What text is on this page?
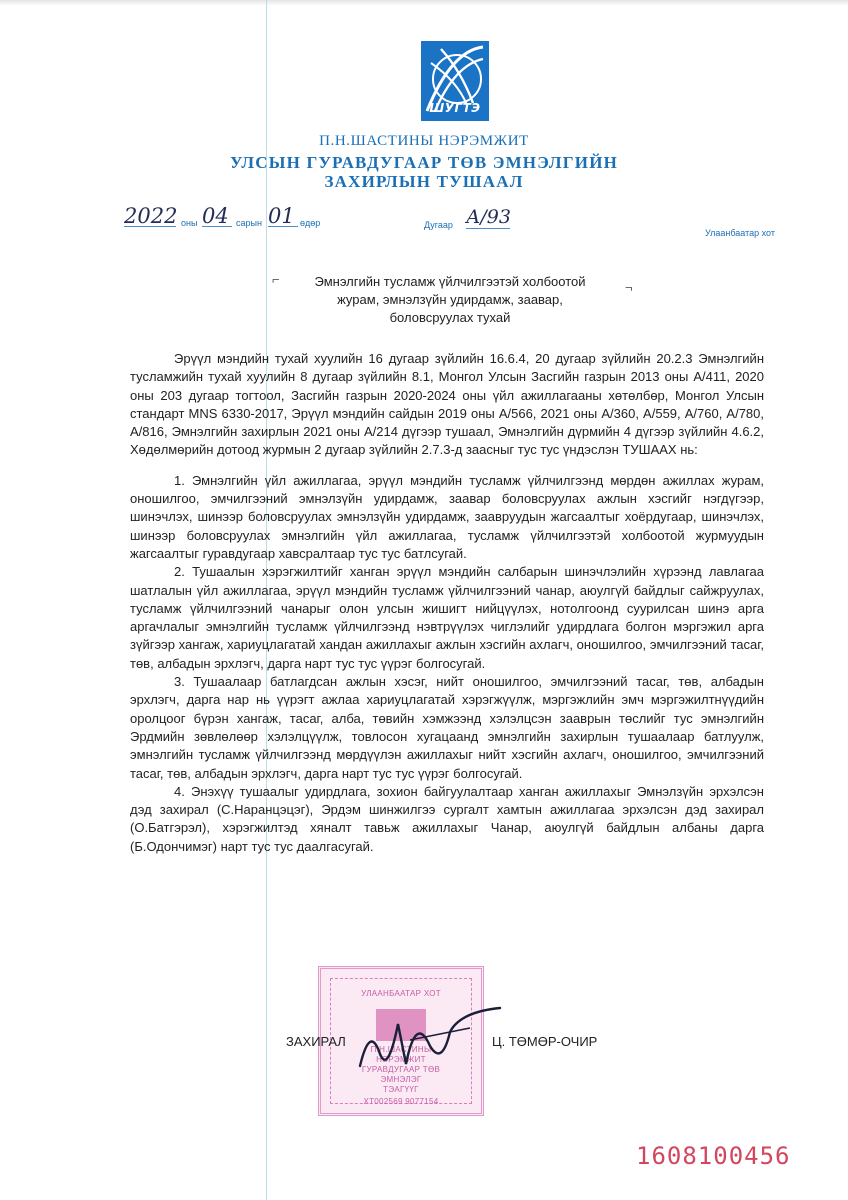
ШУГТЭ
П.Н.ШАСТИНЫ НЭРЭМЖИТ
УЛСЫН ГУРАВДУГААР ТӨВ ЭМНЭЛГИЙН
ЗАХИРЛЫН ТУШААЛ
2022 оны 04 сарын 01 өдөр	Дугаар А/93
Улаанбаатар хот
⌐
¬
Эмнэлгийн тусламж үйлчилгээтэй холбоотой
журам, эмнэлзүйн удирдамж, заавар,
боловсруулах тухай

Эрүүл мэндийн тухай хуулийн 16 дугаар зүйлийн 16.6.4, 20 дугаар зүйлийн 20.2.3 Эмнэлгийн тусламжийн тухай хуулийн 8 дугаар зүйлийн 8.1, Монгол Улсын Засгийн газрын 2013 оны А/411, 2020 оны 203 дугаар тогтоол, Засгийн газрын 2020-2024 оны үйл ажиллагааны хөтөлбөр, Монгол Улсын стандарт MNS 6330-2017, Эрүүл мэндийн сайдын 2019 оны А/566, 2021 оны А/360, А/559, А/760, А/780, А/816, Эмнэлгийн захирлын 2021 оны А/214 дүгээр тушаал, Эмнэлгийн дүрмийн 4 дүгээр зүйлийн 4.6.2, Хөдөлмөрийн дотоод журмын 2 дугаар зүйлийн 2.7.3-д заасныг тус тус үндэслэн ТУШААХ нь:

1. Эмнэлгийн үйл ажиллагаа, эрүүл мэндийн тусламж үйлчилгээнд мөрдөн ажиллах журам, оношилгоо, эмчилгээний эмнэлзүйн удирдамж, заавар боловсруулах ажлын хэсгийг нэгдүгээр, шинэчлэх, шинээр боловсруулах эмнэлзүйн удирдамж, заавруудын жагсаалтыг хоёрдугаар, шинэчлэх, шинээр боловсруулах эмнэлгийн үйл ажиллагаа, тусламж үйлчилгээтэй холбоотой журмуудын жагсаалтыг гуравдугаар хавсралтаар тус тус батлсугай.

2. Тушаалын хэрэгжилтийг ханган эрүүл мэндийн салбарын шинэчлэлийн хүрээнд лавлагаа шатлалын үйл ажиллагаа, эрүүл мэндийн тусламж үйлчилгээний чанар, аюулгүй байдлыг сайжруулах, тусламж үйлчилгээний чанарыг олон улсын жишигт нийцүүлэх, нотолгоонд суурилсан шинэ арга аргачлалыг эмнэлгийн тусламж үйлчилгээнд нэвтрүүлэх чиглэлийг удирдлага болгон мэргэжил арга зүйгээр хангаж, хариуцлагатай хандан ажиллахыг ажлын хэсгийн ахлагч, оношилгоо, эмчилгээний тасаг, төв, албадын эрхлэгч, дарга нарт тус тус үүрэг болгосугай.

3. Тушаалаар батлагдсан ажлын хэсэг, нийт оношилгоо, эмчилгээний тасаг, төв, албадын эрхлэгч, дарга нар нь үүрэгт ажлаа хариуцлагатай хэрэгжүүлж, мэргэжлийн эмч мэргэжилтнүүдийн оролцоог бүрэн хангаж, тасаг, алба, төвийн хэмжээнд хэлэлцсэн зааврын төслийг тус эмнэлгийн Эрдмийн зөвлөлөөр хэлэлцүүлж, товлосон хугацаанд эмнэлгийн захирлын тушаалаар батлуулж, эмнэлгийн тусламж үйлчилгээнд мөрдүүлэн ажиллахыг нийт хэсгийн ахлагч, оношилгоо, эмчилгээний тасаг, төв, албадын эрхлэгч, дарга нарт тус тус үүрэг болгосугай.

4. Энэхүү тушаалыг удирдлага, зохион байгуулалтаар ханган ажиллахыг Эмнэлзүйн эрхэлсэн дэд захирал (С.Наранцэцэг), Эрдэм шинжилгээ сургалт хамтын ажиллагаа эрхэлсэн дэд захирал (О.Батгэрэл), хэрэгжилтэд хяналт тавьж ажиллахыг Чанар, аюулгүй байдлын албаны дарга (Б.Одончимэг) нарт тус тус даалгасугай.

УЛААНБААТАР ХОТ
П.Н.ШАСТИНЫ
НЭРЭМЖИТ
ГУРАВДУГААР ТӨВ
ЭМНЭЛЭГ
ТЭАГҮҮГ
ХТ002569 9077154
ЗАХИРАЛ	Ц. ТӨМӨР-ОЧИР
1608100456
